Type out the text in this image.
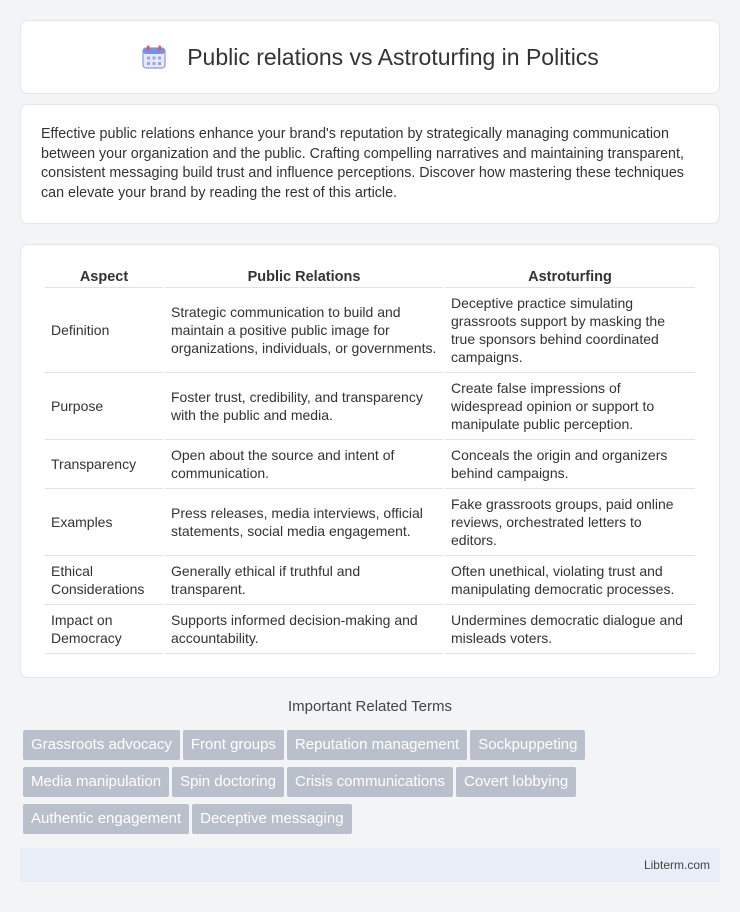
Public relations vs Astroturfing in Politics

Effective public relations enhance your brand's reputation by strategically managing communication between your organization and the public. Crafting compelling narratives and maintaining transparent, consistent messaging build trust and influence perceptions. Discover how mastering these techniques can elevate your brand by reading the rest of this article.

Aspect	Public Relations	Astroturfing
Definition	Strategic communication to build and maintain a positive public image for organizations, individuals, or governments.	Deceptive practice simulating grassroots support by masking the true sponsors behind coordinated campaigns.
Purpose	Foster trust, credibility, and transparency with the public and media.	Create false impressions of widespread opinion or support to manipulate public perception.
Transparency	Open about the source and intent of communication.	Conceals the origin and organizers behind campaigns.
Examples	Press releases, media interviews, official statements, social media engagement.	Fake grassroots groups, paid online reviews, orchestrated letters to editors.
Ethical Considerations	Generally ethical if truthful and transparent.	Often unethical, violating trust and manipulating democratic processes.
Impact on Democracy	Supports informed decision-making and accountability.	Undermines democratic dialogue and misleads voters.
Important Related Terms
Grassroots advocacy Front groups Reputation management Sockpuppeting
Media manipulation Spin doctoring Crisis communications Covert lobbying
Authentic engagement Deceptive messaging
Libterm.com
